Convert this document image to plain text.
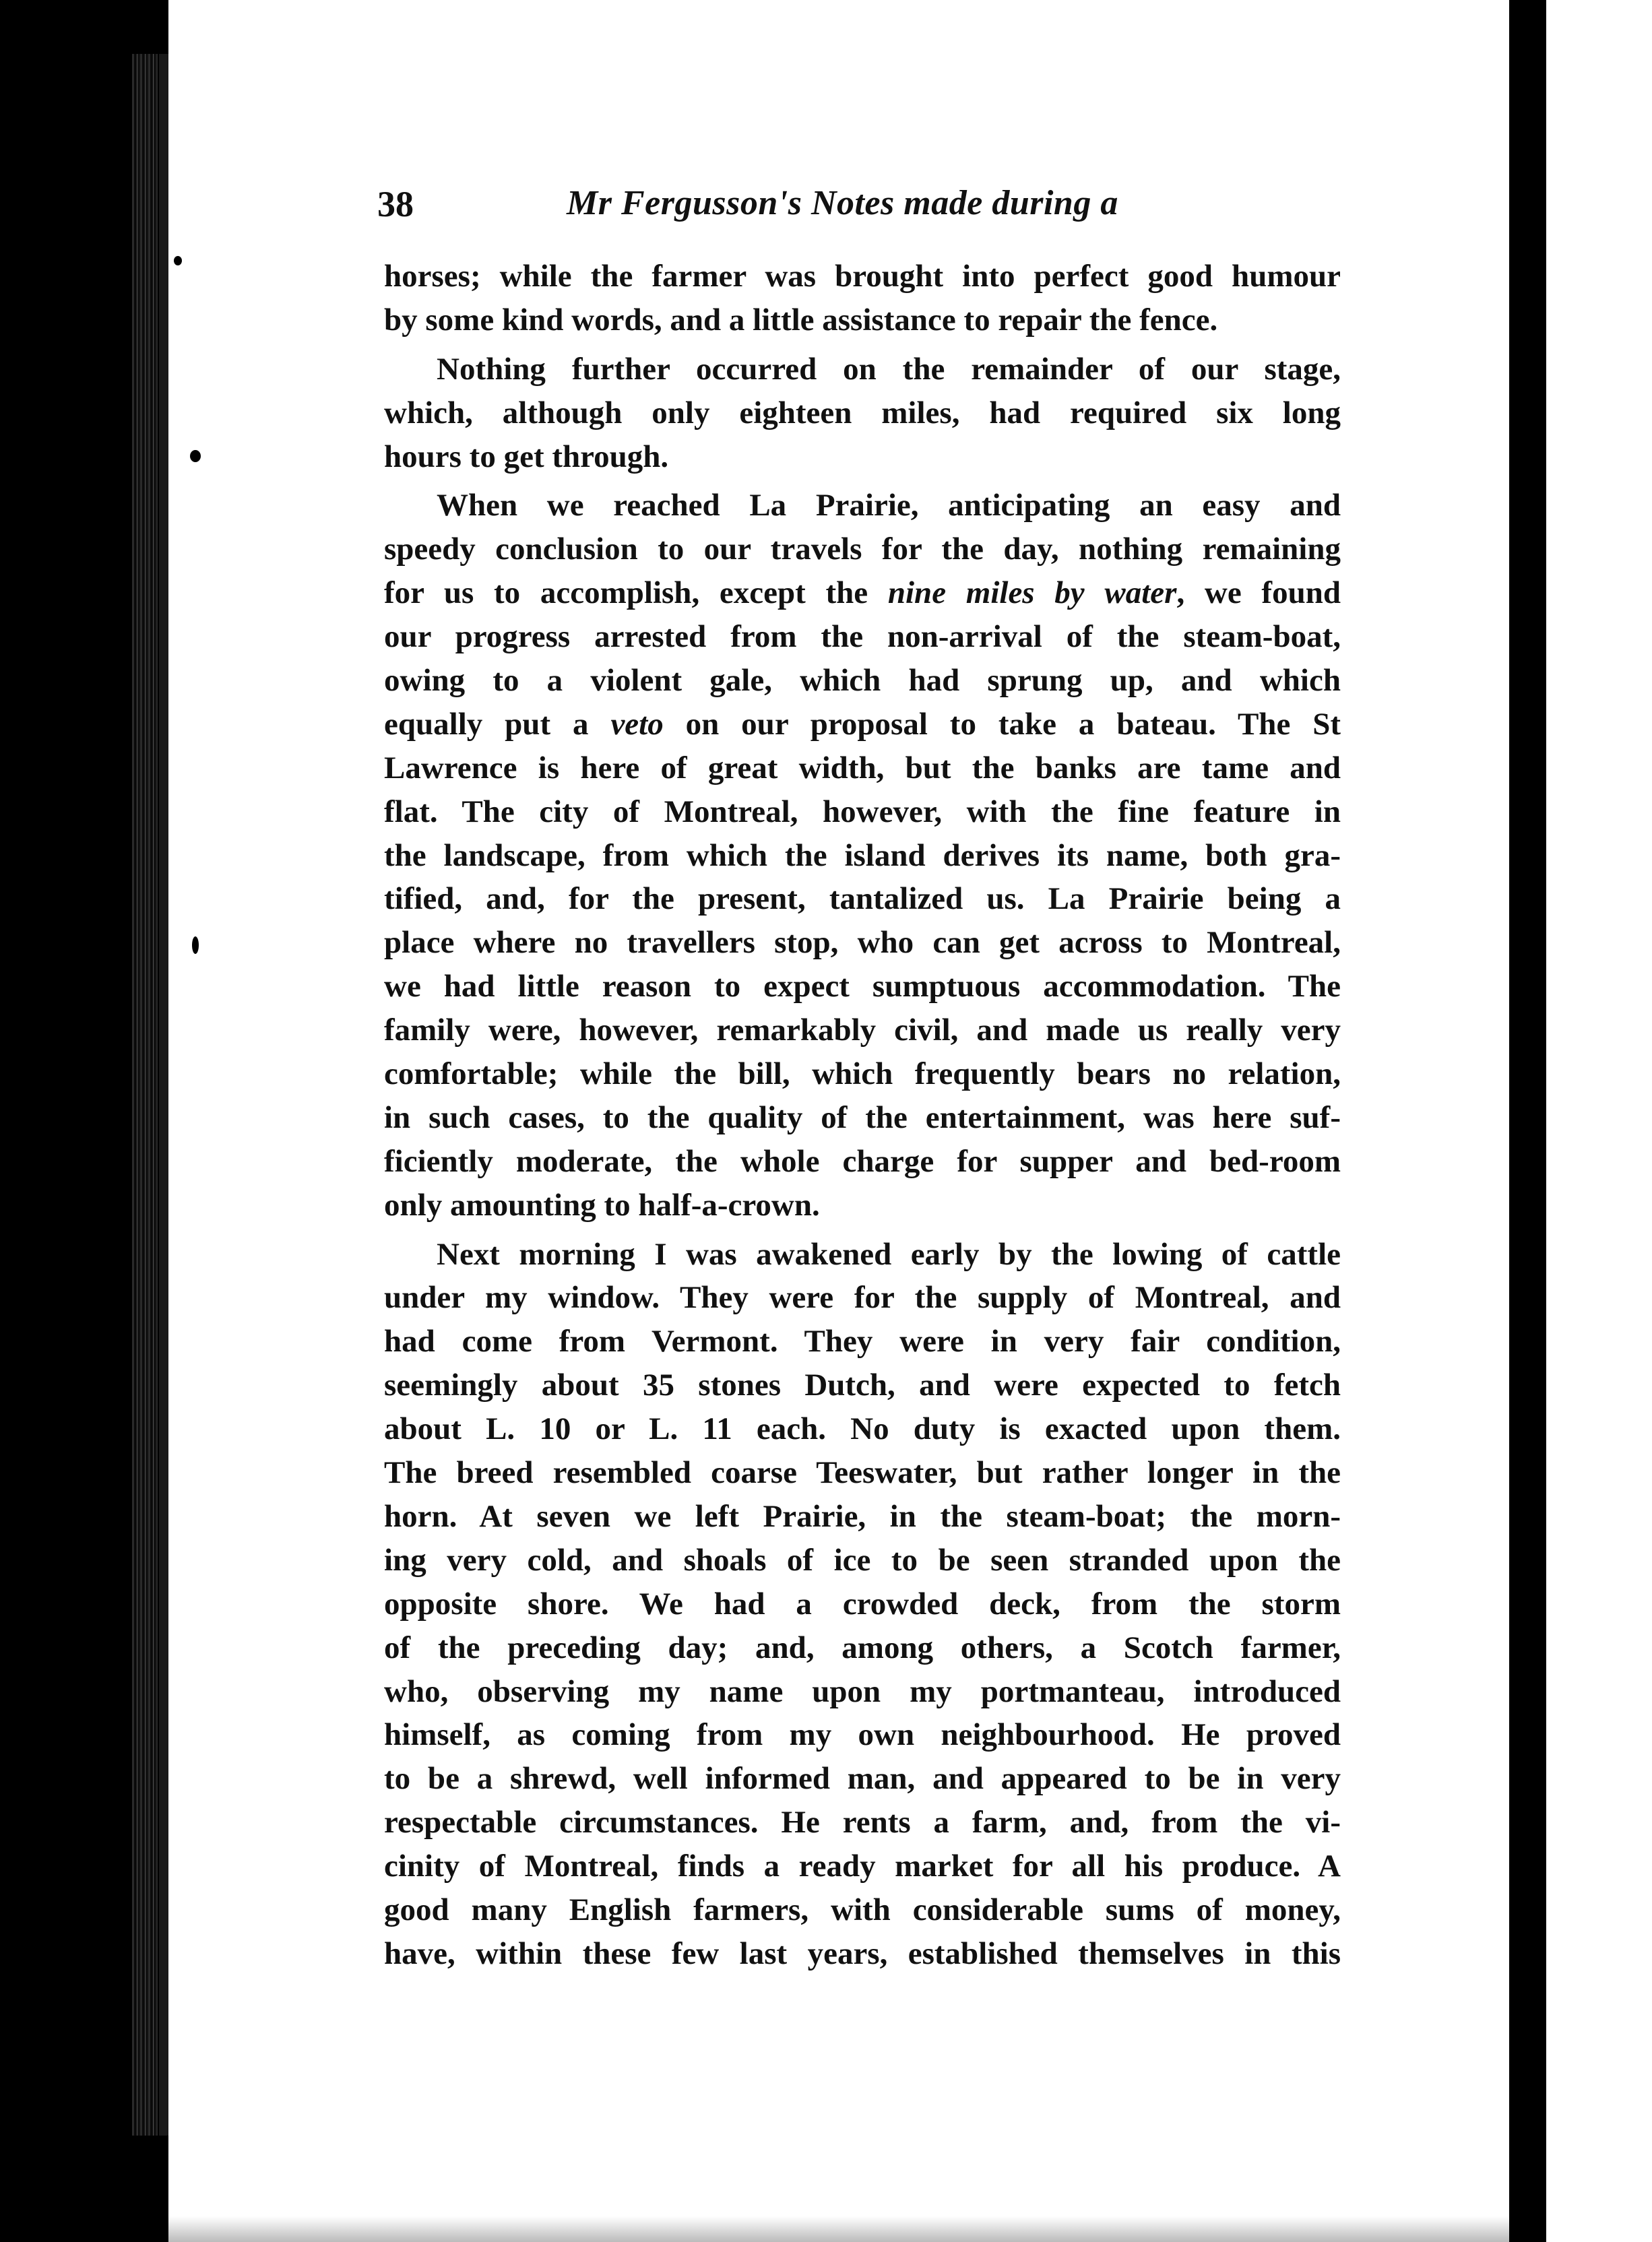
38	Mr Fergusson's Notes made during a
horses; while the farmer was brought into perfect good humour
by some kind words, and a little assistance to repair the fence.
Nothing further occurred on the remainder of our stage,
which, although only eighteen miles, had required six long
hours to get through.
When we reached La Prairie, anticipating an easy and
speedy conclusion to our travels for the day, nothing remaining
for us to accomplish, except the nine miles by water, we found
our progress arrested from the non-arrival of the steam-boat,
owing to a violent gale, which had sprung up, and which
equally put a veto on our proposal to take a bateau. The St
Lawrence is here of great width, but the banks are tame and
flat. The city of Montreal, however, with the fine feature in
the landscape, from which the island derives its name, both gra-
tified, and, for the present, tantalized us. La Prairie being a
place where no travellers stop, who can get across to Montreal,
we had little reason to expect sumptuous accommodation. The
family were, however, remarkably civil, and made us really very
comfortable; while the bill, which frequently bears no relation,
in such cases, to the quality of the entertainment, was here suf-
ficiently moderate, the whole charge for supper and bed-room
only amounting to half-a-crown.
Next morning I was awakened early by the lowing of cattle
under my window. They were for the supply of Montreal, and
had come from Vermont. They were in very fair condition,
seemingly about 35 stones Dutch, and were expected to fetch
about L. 10 or L. 11 each. No duty is exacted upon them.
The breed resembled coarse Teeswater, but rather longer in the
horn. At seven we left Prairie, in the steam-boat; the morn-
ing very cold, and shoals of ice to be seen stranded upon the
opposite shore. We had a crowded deck, from the storm
of the preceding day; and, among others, a Scotch farmer,
who, observing my name upon my portmanteau, introduced
himself, as coming from my own neighbourhood. He proved
to be a shrewd, well informed man, and appeared to be in very
respectable circumstances. He rents a farm, and, from the vi-
cinity of Montreal, finds a ready market for all his produce. A
good many English farmers, with considerable sums of money,
have, within these few last years, established themselves in this
